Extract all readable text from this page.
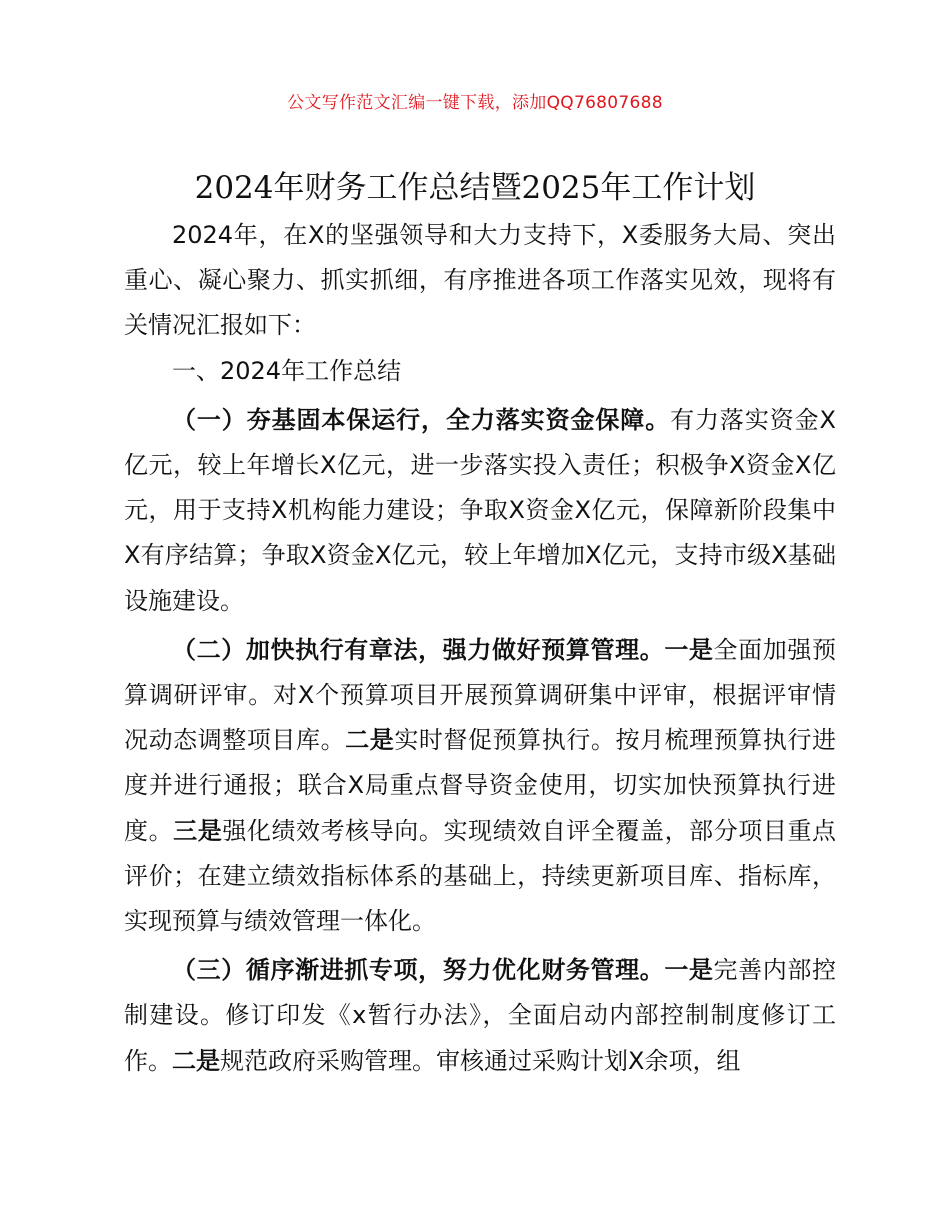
公文写作范文汇编一键下载，添加QQ76807688
2024年财务工作总结暨2025年工作计划

2024年，在X的坚强领导和大力支持下，X委服务大局、突出重心、凝心聚力、抓实抓细，有序推进各项工作落实见效，现将有关情况汇报如下：

一、2024年工作总结

（一）夯基固本保运行，全力落实资金保障。有力落实资金X亿元，较上年增长X亿元，进一步落实投入责任；积极争X资金X亿元，用于支持X机构能力建设；争取X资金X亿元，保障新阶段集中X有序结算；争取X资金X亿元，较上年增加X亿元，支持市级X基础设施建设。

（二）加快执行有章法，强力做好预算管理。一是全面加强预算调研评审。对X个预算项目开展预算调研集中评审，根据评审情况动态调整项目库。二是实时督促预算执行。按月梳理预算执行进度并进行通报；联合X局重点督导资金使用，切实加快预算执行进度。三是强化绩效考核导向。实现绩效自评全覆盖，部分项目重点评价；在建立绩效指标体系的基础上，持续更新项目库、指标库，实现预算与绩效管理一体化。

（三）循序渐进抓专项，努力优化财务管理。一是完善内部控制建设。修订印发《x暂行办法》，全面启动内部控制制度修订工作。二是规范政府采购管理。审核通过采购计划X余项，组
